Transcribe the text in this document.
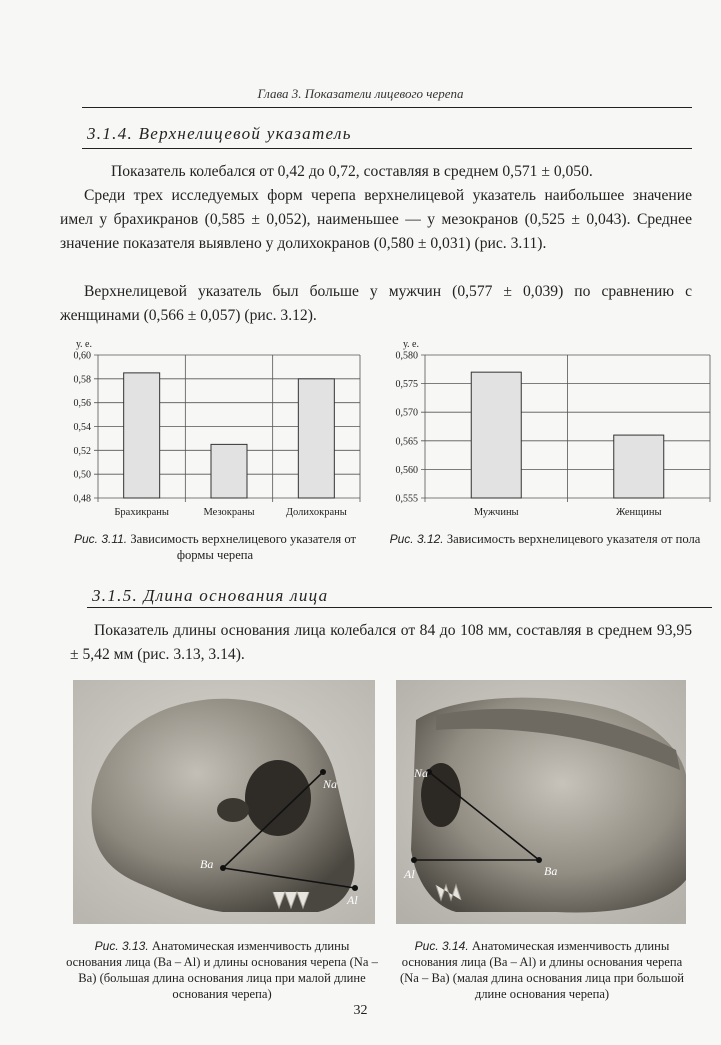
Глава 3. Показатели лицевого черепа
3.1.4. Верхнелицевой указатель
Показатель колебался от 0,42 до 0,72, составляя в среднем 0,571 ± 0,050.
Среди трех исследуемых форм черепа верхнелицевой указатель наибольшее значение имел у брахикранов (0,585 ± 0,052), наименьшее — у мезокранов (0,525 ± 0,043). Среднее значение показателя выявлено у долихокранов (0,580 ± 0,031) (рис. 3.11).
Верхнелицевой указатель был больше у мужчин (0,577 ± 0,039) по сравнению с женщинами (0,566 ± 0,057) (рис. 3.12).
у. е.
0,60
0,58
0,56
0,54
0,52
0,50
0,48
Брахикраны	Мезокраны	Долихокраны
у. е.
0,580
0,575
0,570
0,565
0,560
0,555
Мужчины	Женщины
Рис. 3.11. Зависимость верхнелицевого указателя от формы черепа
Рис. 3.12. Зависимость верхнелицевого указателя от пола
3.1.5. Длина основания лица
Показатель длины основания лица колебался от 84 до 108 мм, составляя в среднем 93,95 ± 5,42 мм (рис. 3.13, 3.14).
Na
Ba
Al
Na
Ba
Al
Рис. 3.13. Анатомическая изменчивость длины основания лица (Ba – Al) и длины основания черепа (Na – Ba) (большая длина основания лица при малой длине основания черепа)
Рис. 3.14. Анатомическая изменчивость длины основания лица (Ba – Al) и длины основания черепа (Na – Ba) (малая длина основания лица при большой длине основания черепа)
32
